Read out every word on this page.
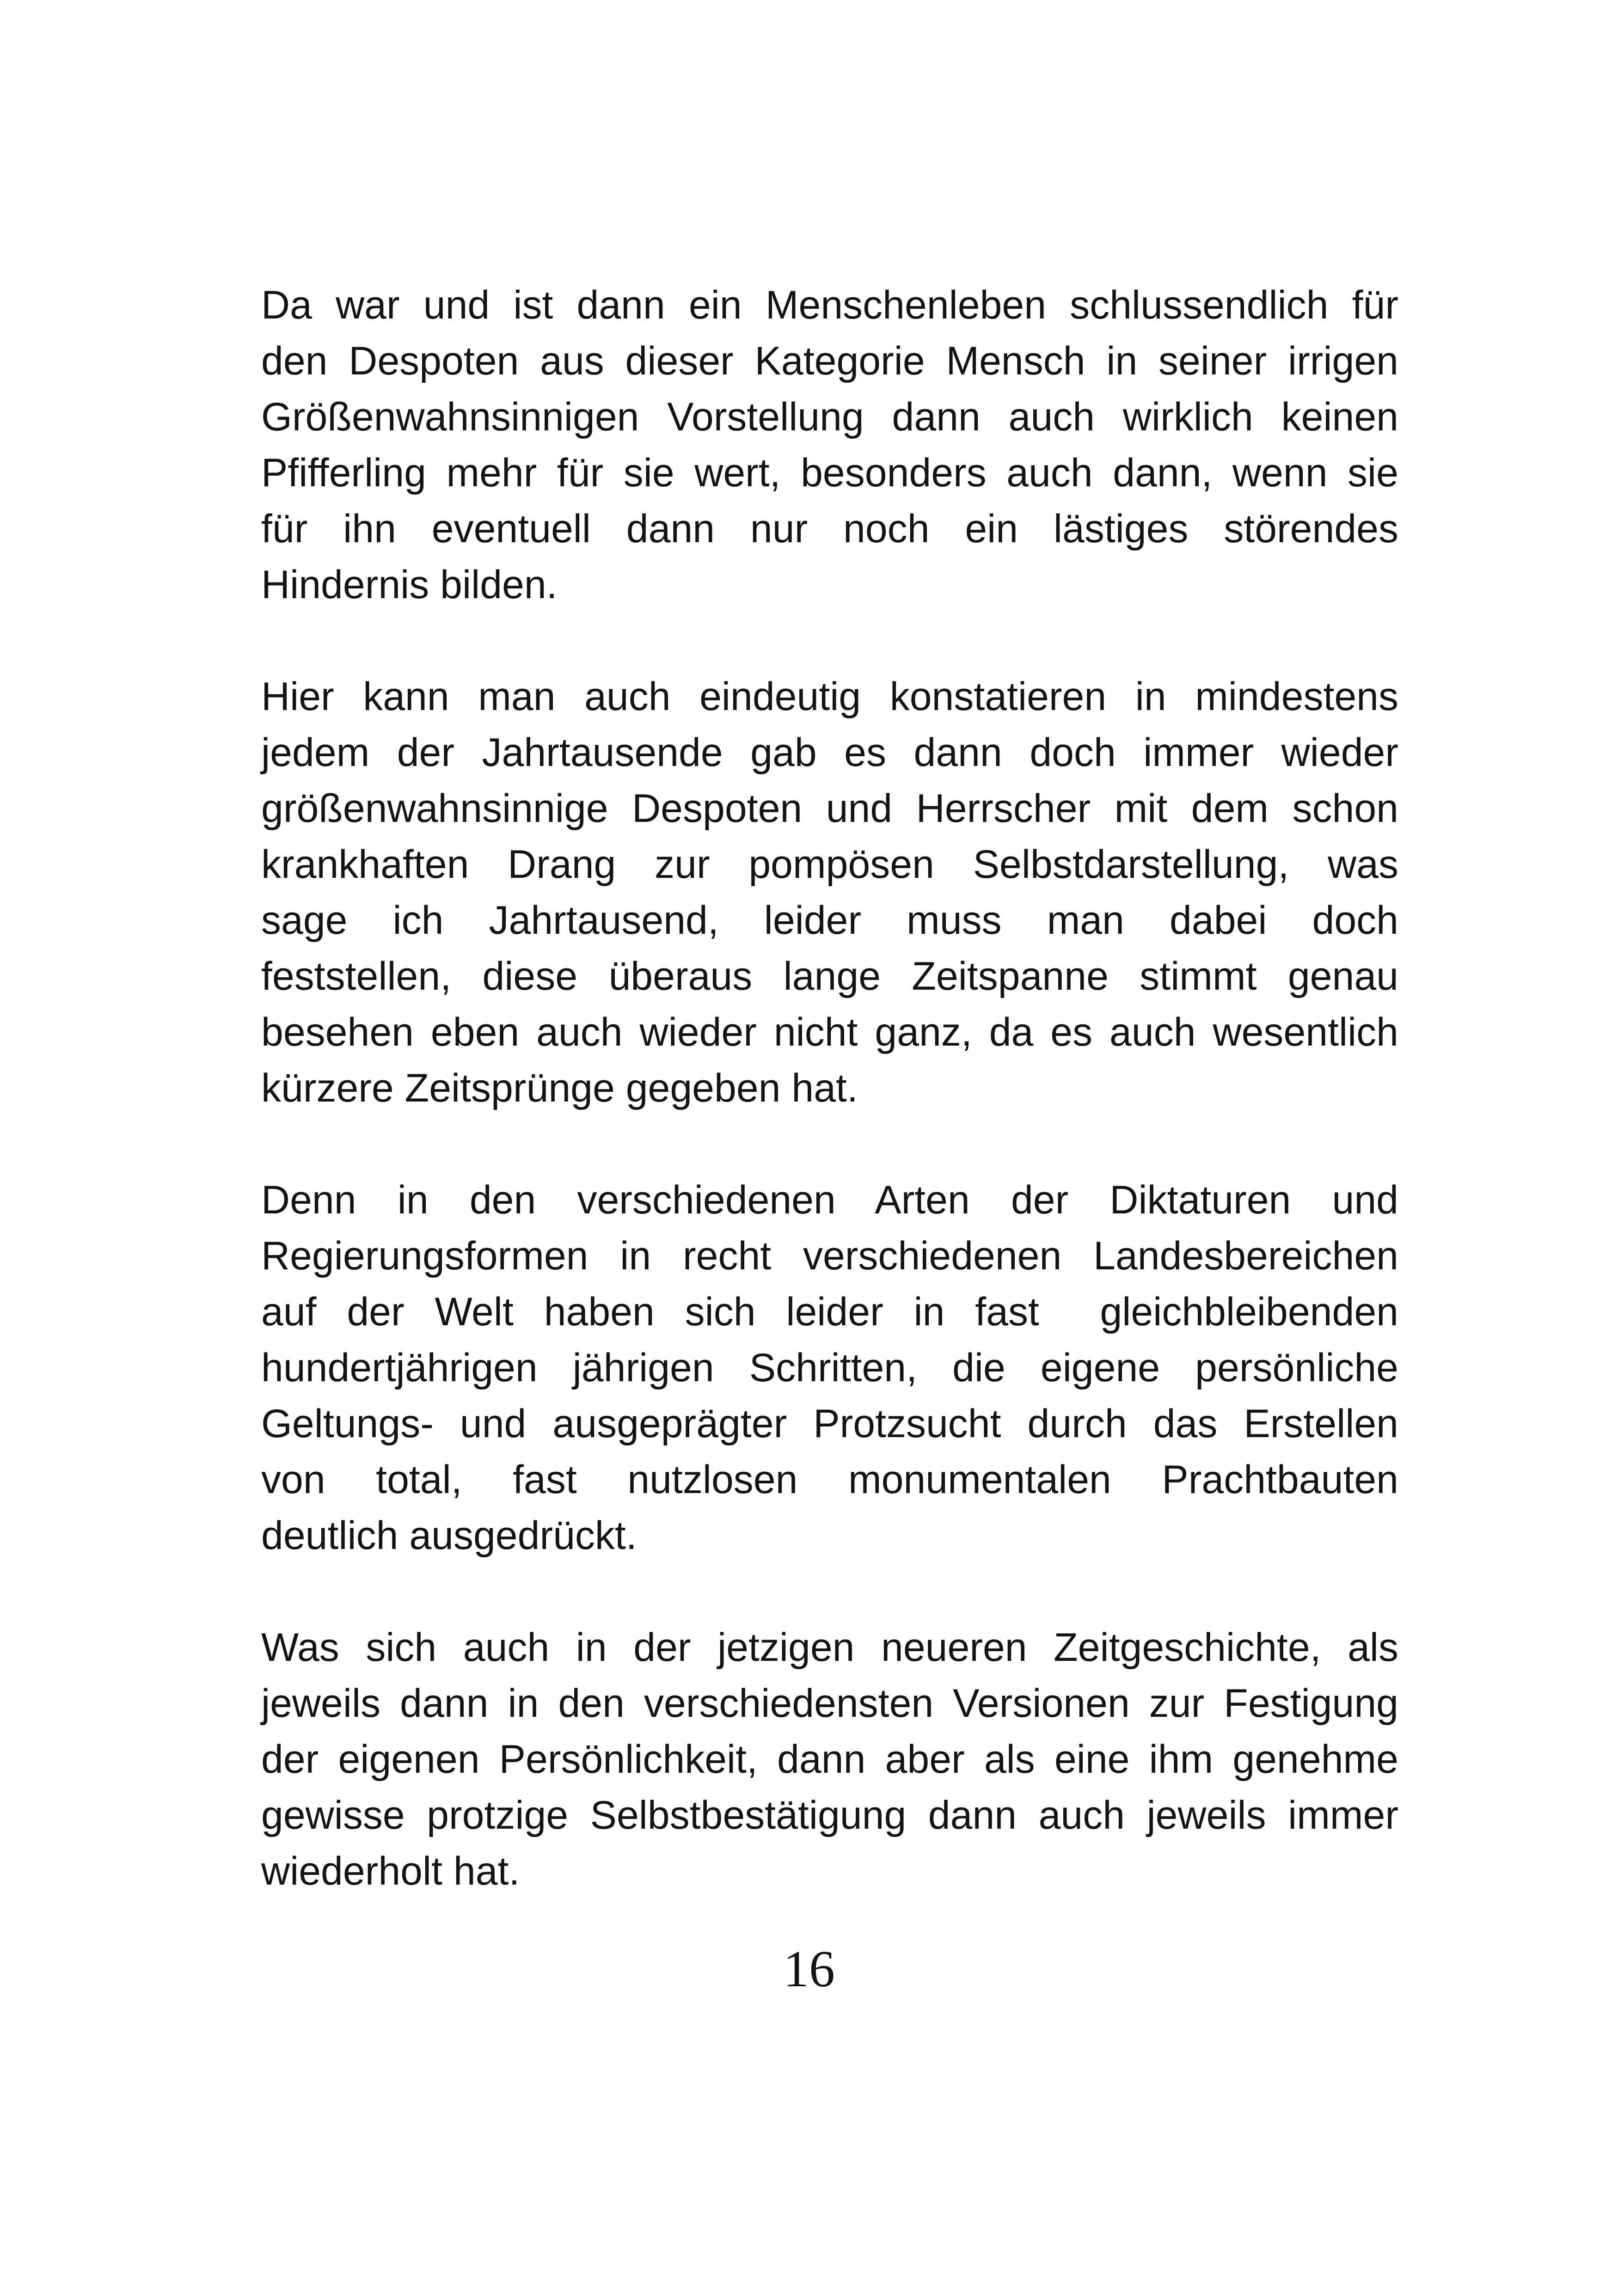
Da war und ist dann ein Menschenleben schlussendlich für
den Despoten aus dieser Kategorie Mensch in seiner irrigen
Größenwahnsinnigen Vorstellung dann auch wirklich keinen
Pfifferling mehr für sie wert, besonders auch dann, wenn sie
für ihn eventuell dann nur noch ein lästiges störendes
Hindernis bilden.

Hier kann man auch eindeutig konstatieren in mindestens
jedem der Jahrtausende gab es dann doch immer wieder
größenwahnsinnige Despoten und Herrscher mit dem schon
krankhaften Drang zur pompösen Selbstdarstellung, was
sage ich Jahrtausend, leider muss man dabei doch
feststellen, diese überaus lange Zeitspanne stimmt genau
besehen eben auch wieder nicht ganz, da es auch wesentlich
kürzere Zeitsprünge gegeben hat.

Denn in den verschiedenen Arten der Diktaturen und
Regierungsformen in recht verschiedenen Landesbereichen
auf der Welt haben sich leider in fast  gleichbleibenden
hundertjährigen jährigen Schritten, die eigene persönliche
Geltungs- und ausgeprägter Protzsucht durch das Erstellen
von total, fast nutzlosen monumentalen Prachtbauten
deutlich ausgedrückt.

Was sich auch in der jetzigen neueren Zeitgeschichte, als
jeweils dann in den verschiedensten Versionen zur Festigung
der eigenen Persönlichkeit, dann aber als eine ihm genehme
gewisse protzige Selbstbestätigung dann auch jeweils immer
wiederholt hat.

16
